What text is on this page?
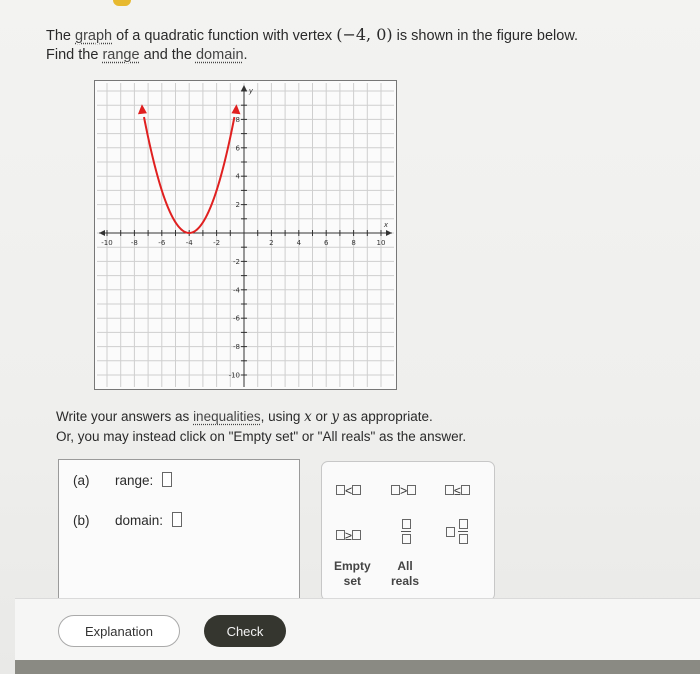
The graph of a quadratic function with vertex (−4, 0) is shown in the figure below.
Find the range and the domain.
-10	-8	-6	-4	-2	2	4	6	8	10
8
6
4
2
-2
-4
-6
-8
-10
x
y
Write your answers as inequalities, using x or y as appropriate.
Or, you may instead click on "Empty set" or "All reals" as the answer.
(a) range:
(b) domain:
<	>	≤
≥

Empty
set
All
reals
Explanation	Check
